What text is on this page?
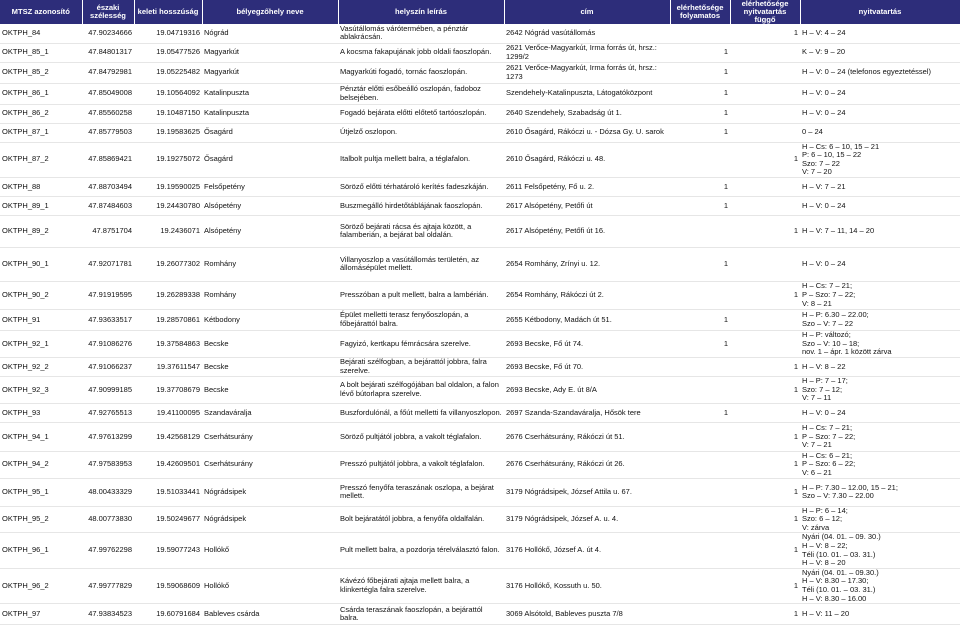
MTSZ azonosító	északi szélesség	keleti hosszúság	bélyegzőhely neve	helyszín leírás	cím	elérhetősége folyamatos	elérhetősége nyitvatartás függő	nyitvatartás
OKTPH_84	47.90234666	19.04719316	Nógrád	Vasútállomás várótermében, a pénztár ablakrácsán.	2642 Nógrád vasútállomás		1	H – V: 4 – 24
OKTPH_85_1	47.84801317	19.05477526	Magyarkút	A kocsma fakapujának jobb oldali faoszlopán.	2621 Verőce-Magyarkút, Irma forrás út, hrsz.: 1299/2	1		K – V: 9 – 20
OKTPH_85_2	47.84792981	19.05225482	Magyarkút	Magyarkúti fogadó, tornác faoszlopán.	2621 Verőce-Magyarkút, Irma forrás út, hrsz.: 1273	1		H – V: 0 – 24 (telefonos egyeztetéssel)
OKTPH_86_1	47.85049008	19.10564092	Katalinpuszta	Pénztár előtti esőbeálló oszlopán, fadoboz belsejében.	Szendehely-Katalinpuszta, Látogatóközpont	1		H – V: 0 – 24
OKTPH_86_2	47.85560258	19.10487150	Katalinpuszta	Fogadó bejárata előtti előtető tartóoszlopán.	2640 Szendehely, Szabadság út 1.	1		H – V: 0 – 24
OKTPH_87_1	47.85779503	19.19583625	Ősagárd	Útjelző oszlopon.	2610 Ősagárd, Rákóczi u. - Dózsa Gy. U. sarok	1		0 – 24
OKTPH_87_2	47.85869421	19.19275072	Ősagárd	Italbolt pultja mellett balra, a téglafalon.	2610 Ősagárd, Rákóczi u. 48.		1	H – Cs: 6 – 10, 15 – 21
P: 6 – 10, 15 – 22
Szo: 7 – 22
V: 7 – 20
OKTPH_88	47.88703494	19.19590025	Felsőpetény	Söröző előtti térhatároló kerítés fadeszkáján.	2611 Felsőpetény, Fő u. 2.	1		H – V: 7 – 21
OKTPH_89_1	47.87484603	19.24430780	Alsópetény	Buszmegálló hirdetőtáblájának faoszlopán.	2617 Alsópetény, Petőfi út	1		H – V: 0 – 24
OKTPH_89_2	47.8751704	19.2436071	Alsópetény	Söröző bejárati rácsa és ajtaja között, a falamberián, a bejárat bal oldalán.	2617 Alsópetény, Petőfi út 16.		1	H – V: 7 – 11, 14 – 20
OKTPH_90_1	47.92071781	19.26077302	Romhány	Villanyoszlop a vasútállomás területén, az állomásépület mellett.	2654 Romhány, Zrínyi u. 12.	1		H – V: 0 – 24
OKTPH_90_2	47.91919595	19.26289338	Romhány	Presszóban a pult mellett, balra a lambérián.	2654 Romhány, Rákóczi út 2.		1	H – Cs: 7 – 21;
P – Szo: 7 – 22;
V: 8 – 21
OKTPH_91	47.93633517	19.28570861	Kétbodony	Épület melletti terasz fenyőoszlopán, a főbejárattól balra.	2655 Kétbodony, Madách út 51.	1		H – P: 6.30 – 22.00;
Szo – V: 7 – 22
OKTPH_92_1	47.91086276	19.37584863	Becske	Fagyizó, kertkapu fémrácsára szerelve.	2693 Becske, Fő út 74.	1		H – P: változó;
Szo – V: 10 – 18;
nov. 1 – ápr. 1 között zárva
OKTPH_92_2	47.91066237	19.37611547	Becske	Bejárati szélfogban, a bejárattól jobbra, falra szerelve.	2693 Becske, Fő út 70.		1	H – V: 8 – 22
OKTPH_92_3	47.90999185	19.37708679	Becske	A bolt bejárati szélfogójában bal oldalon, a falon lévő bútorlapra szerelve.	2693 Becske, Ady E. út 8/A		1	H – P: 7 – 17;
Szo: 7 – 12;
V: 7 – 11
OKTPH_93	47.92765513	19.41100095	Szandaváralja	Buszfordulónál, a főút melletti fa villanyoszlopon.	2697 Szanda-Szandaváralja, Hősök tere	1		H – V: 0 – 24
OKTPH_94_1	47.97613299	19.42568129	Cserhátsurány	Söröző pultjától jobbra, a vakolt téglafalon.	2676 Cserhátsurány, Rákóczi út 51.		1	H – Cs: 7 – 21;
P – Szo: 7 – 22;
V: 7 – 21
OKTPH_94_2	47.97583953	19.42609501	Cserhátsurány	Presszó pultjától jobbra, a vakolt téglafalon.	2676 Cserhátsurány, Rákóczi út 26.		1	H – Cs: 6 – 21;
P – Szo: 6 – 22;
V: 6 – 21
OKTPH_95_1	48.00433329	19.51033441	Nógrádsipek	Presszó fenyőfa teraszának oszlopa, a bejárat mellett.	3179 Nógrádsipek, József Attila u. 67.		1	H – P: 7.30 – 12.00, 15 – 21;
Szo – V: 7.30 – 22.00
OKTPH_95_2	48.00773830	19.50249677	Nógrádsipek	Bolt bejáratától jobbra, a fenyőfa oldalfalán.	3179 Nógrádsipek, József A. u. 4.		1	H – P: 6 – 14;
Szo: 6 – 12;
V: zárva
OKTPH_96_1	47.99762298	19.59077243	Hollókő	Pult mellett balra, a pozdorja térelválasztó falon.	3176 Hollókő, József A. út 4.		1	Nyári (04. 01. – 09. 30.)
H – V: 8 – 22;
Téli (10. 01. – 03. 31.)
H – V: 8 – 20
OKTPH_96_2	47.99777829	19.59068609	Hollókő	Kávézó főbejárati ajtaja mellett balra, a klinkertégla falra szerelve.	3176 Hollókő, Kossuth u. 50.		1	Nyári (04. 01. – 09.30.)
H – V: 8.30 – 17.30;
Téli (10. 01. – 03. 31.)
H – V: 8.30 – 16.00
OKTPH_97	47.93834523	19.60791684	Bableves csárda	Csárda teraszának faoszlopán, a bejárattól balra.	3069 Alsótold, Bableves puszta 7/8		1	H – V: 11 – 20
